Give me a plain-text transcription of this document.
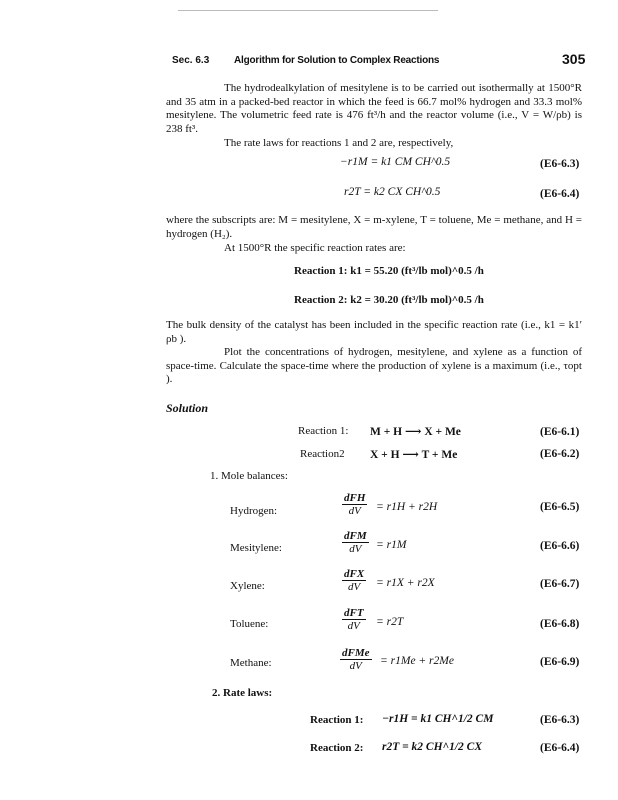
Sec. 6.3 Algorithm for Solution to Complex Reactions	305
The hydrodealkylation of mesitylene is to be carried out isothermally at 1500°R and 35 atm in a packed-bed reactor in which the feed is 66.7 mol% hydrogen and 33.3 mol% mesitylene. The volumetric feed rate is 476 ft³/h and the reactor volume (i.e., V = W/ρb) is 238 ft³.
The rate laws for reactions 1 and 2 are, respectively,
−r1M = k1 CM CH^0.5	(E6-6.3)
r2T = k2 CX CH^0.5	(E6-6.4)
where the subscripts are: M = mesitylene, X = m-xylene, T = toluene, Me = methane, and H = hydrogen (H₂).
At 1500°R the specific reaction rates are:
Reaction 1: k1 = 55.20 (ft³/lb mol)^0.5 /h
Reaction 2: k2 = 30.20 (ft³/lb mol)^0.5 /h
The bulk density of the catalyst has been included in the specific reaction rate (i.e., k1 = k1′ ρb ).
Plot the concentrations of hydrogen, mesitylene, and xylene as a function of space-time. Calculate the space-time where the production of xylene is a maximum (i.e., τopt ).
Solution
Reaction 1: M + H ⟶ X + Me	(E6-6.1)
Reaction2 X + H ⟶ T + Me	(E6-6.2)
1. Mole balances:
Hydrogen:
dFH
dV	= r1H + r2H	(E6-6.5)
Mesitylene:
dFM
dV	= r1M	(E6-6.6)
Xylene:
dFX
dV	= r1X + r2X	(E6-6.7)
Toluene:
dFT
dV	= r2T	(E6-6.8)
Methane:
dFMe
dV	= r1Me + r2Me	(E6-6.9)
2. Rate laws:
Reaction 1: −r1H = k1 CH^1/2 CM	(E6-6.3)
Reaction 2: r2T = k2 CH^1/2 CX	(E6-6.4)
